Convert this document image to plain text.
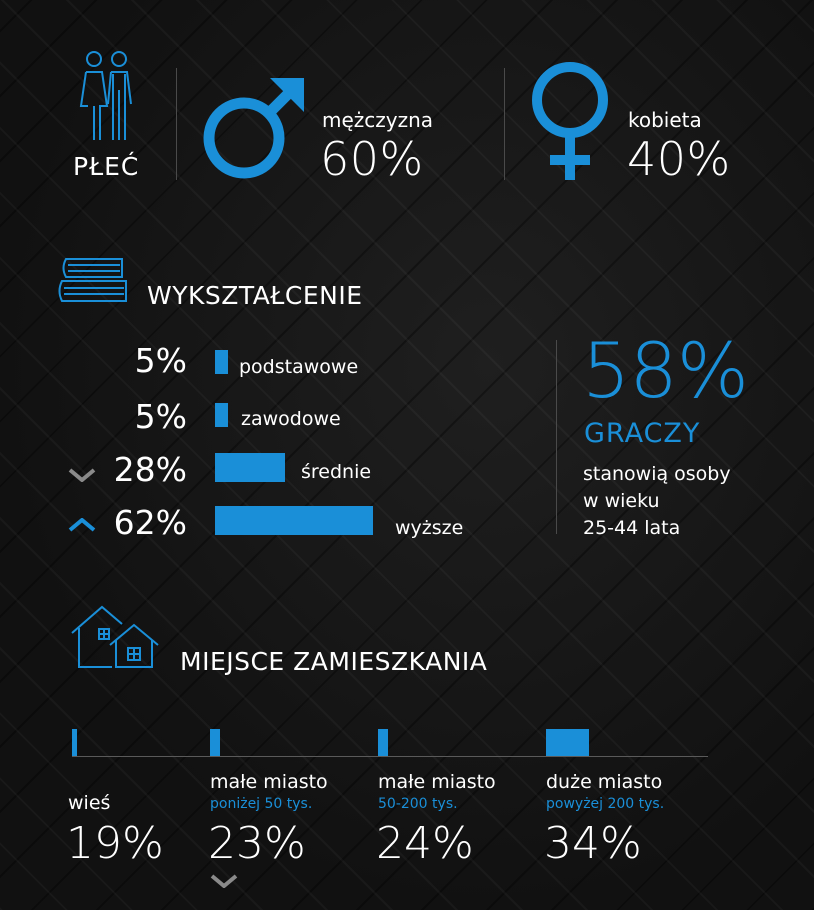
PŁEĆ
mężczyzna
60%
kobieta
40%
WYKSZTAŁCENIE
5%	podstawowe
5%	zawodowe
28%	średnie
62%	wyższe
58%
GRACZY
stanowią osoby
w wieku
25-44 lata
MIEJSCE ZAMIESZKANIA
wieś
19%
małe miasto
poniżej 50 tys.
23%
małe miasto
50-200 tys.
24%
duże miasto
powyżej 200 tys.
34%
